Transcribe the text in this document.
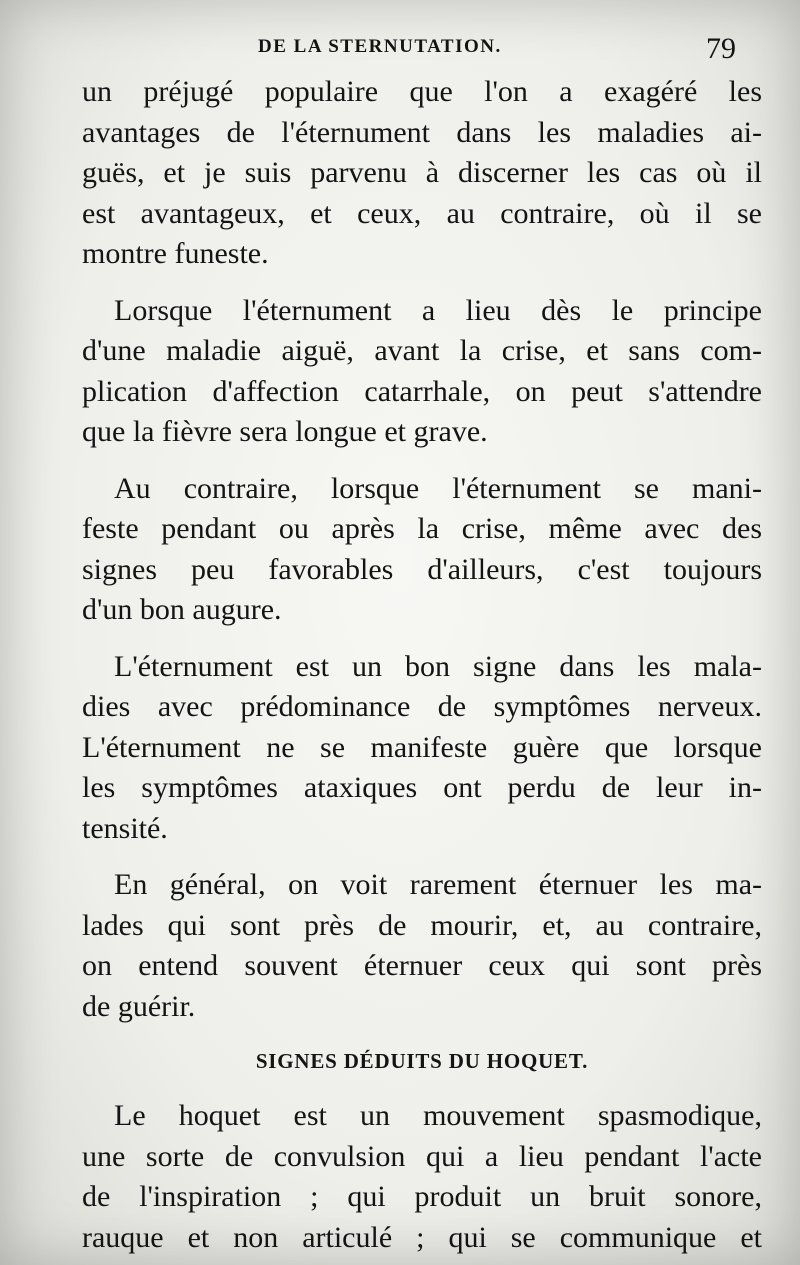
DE LA STERNUTATION.	79
un préjugé populaire que l'on a exagéré les
avantages de l'éternument dans les maladies ai-
guës, et je suis parvenu à discerner les cas où il
est avantageux, et ceux, au contraire, où il se
montre funeste.
Lorsque l'éternument a lieu dès le principe
d'une maladie aiguë, avant la crise, et sans com-
plication d'affection catarrhale, on peut s'attendre
que la fièvre sera longue et grave.
Au contraire, lorsque l'éternument se mani-
feste pendant ou après la crise, même avec des
signes peu favorables d'ailleurs, c'est toujours
d'un bon augure.
L'éternument est un bon signe dans les mala-
dies avec prédominance de symptômes nerveux.
L'éternument ne se manifeste guère que lorsque
les symptômes ataxiques ont perdu de leur in-
tensité.
En général, on voit rarement éternuer les ma-
lades qui sont près de mourir, et, au contraire,
on entend souvent éternuer ceux qui sont près
de guérir.
SIGNES DÉDUITS DU HOQUET.
Le hoquet est un mouvement spasmodique,
une sorte de convulsion qui a lieu pendant l'acte
de l'inspiration ; qui produit un bruit sonore,
rauque et non articulé ; qui se communique et
